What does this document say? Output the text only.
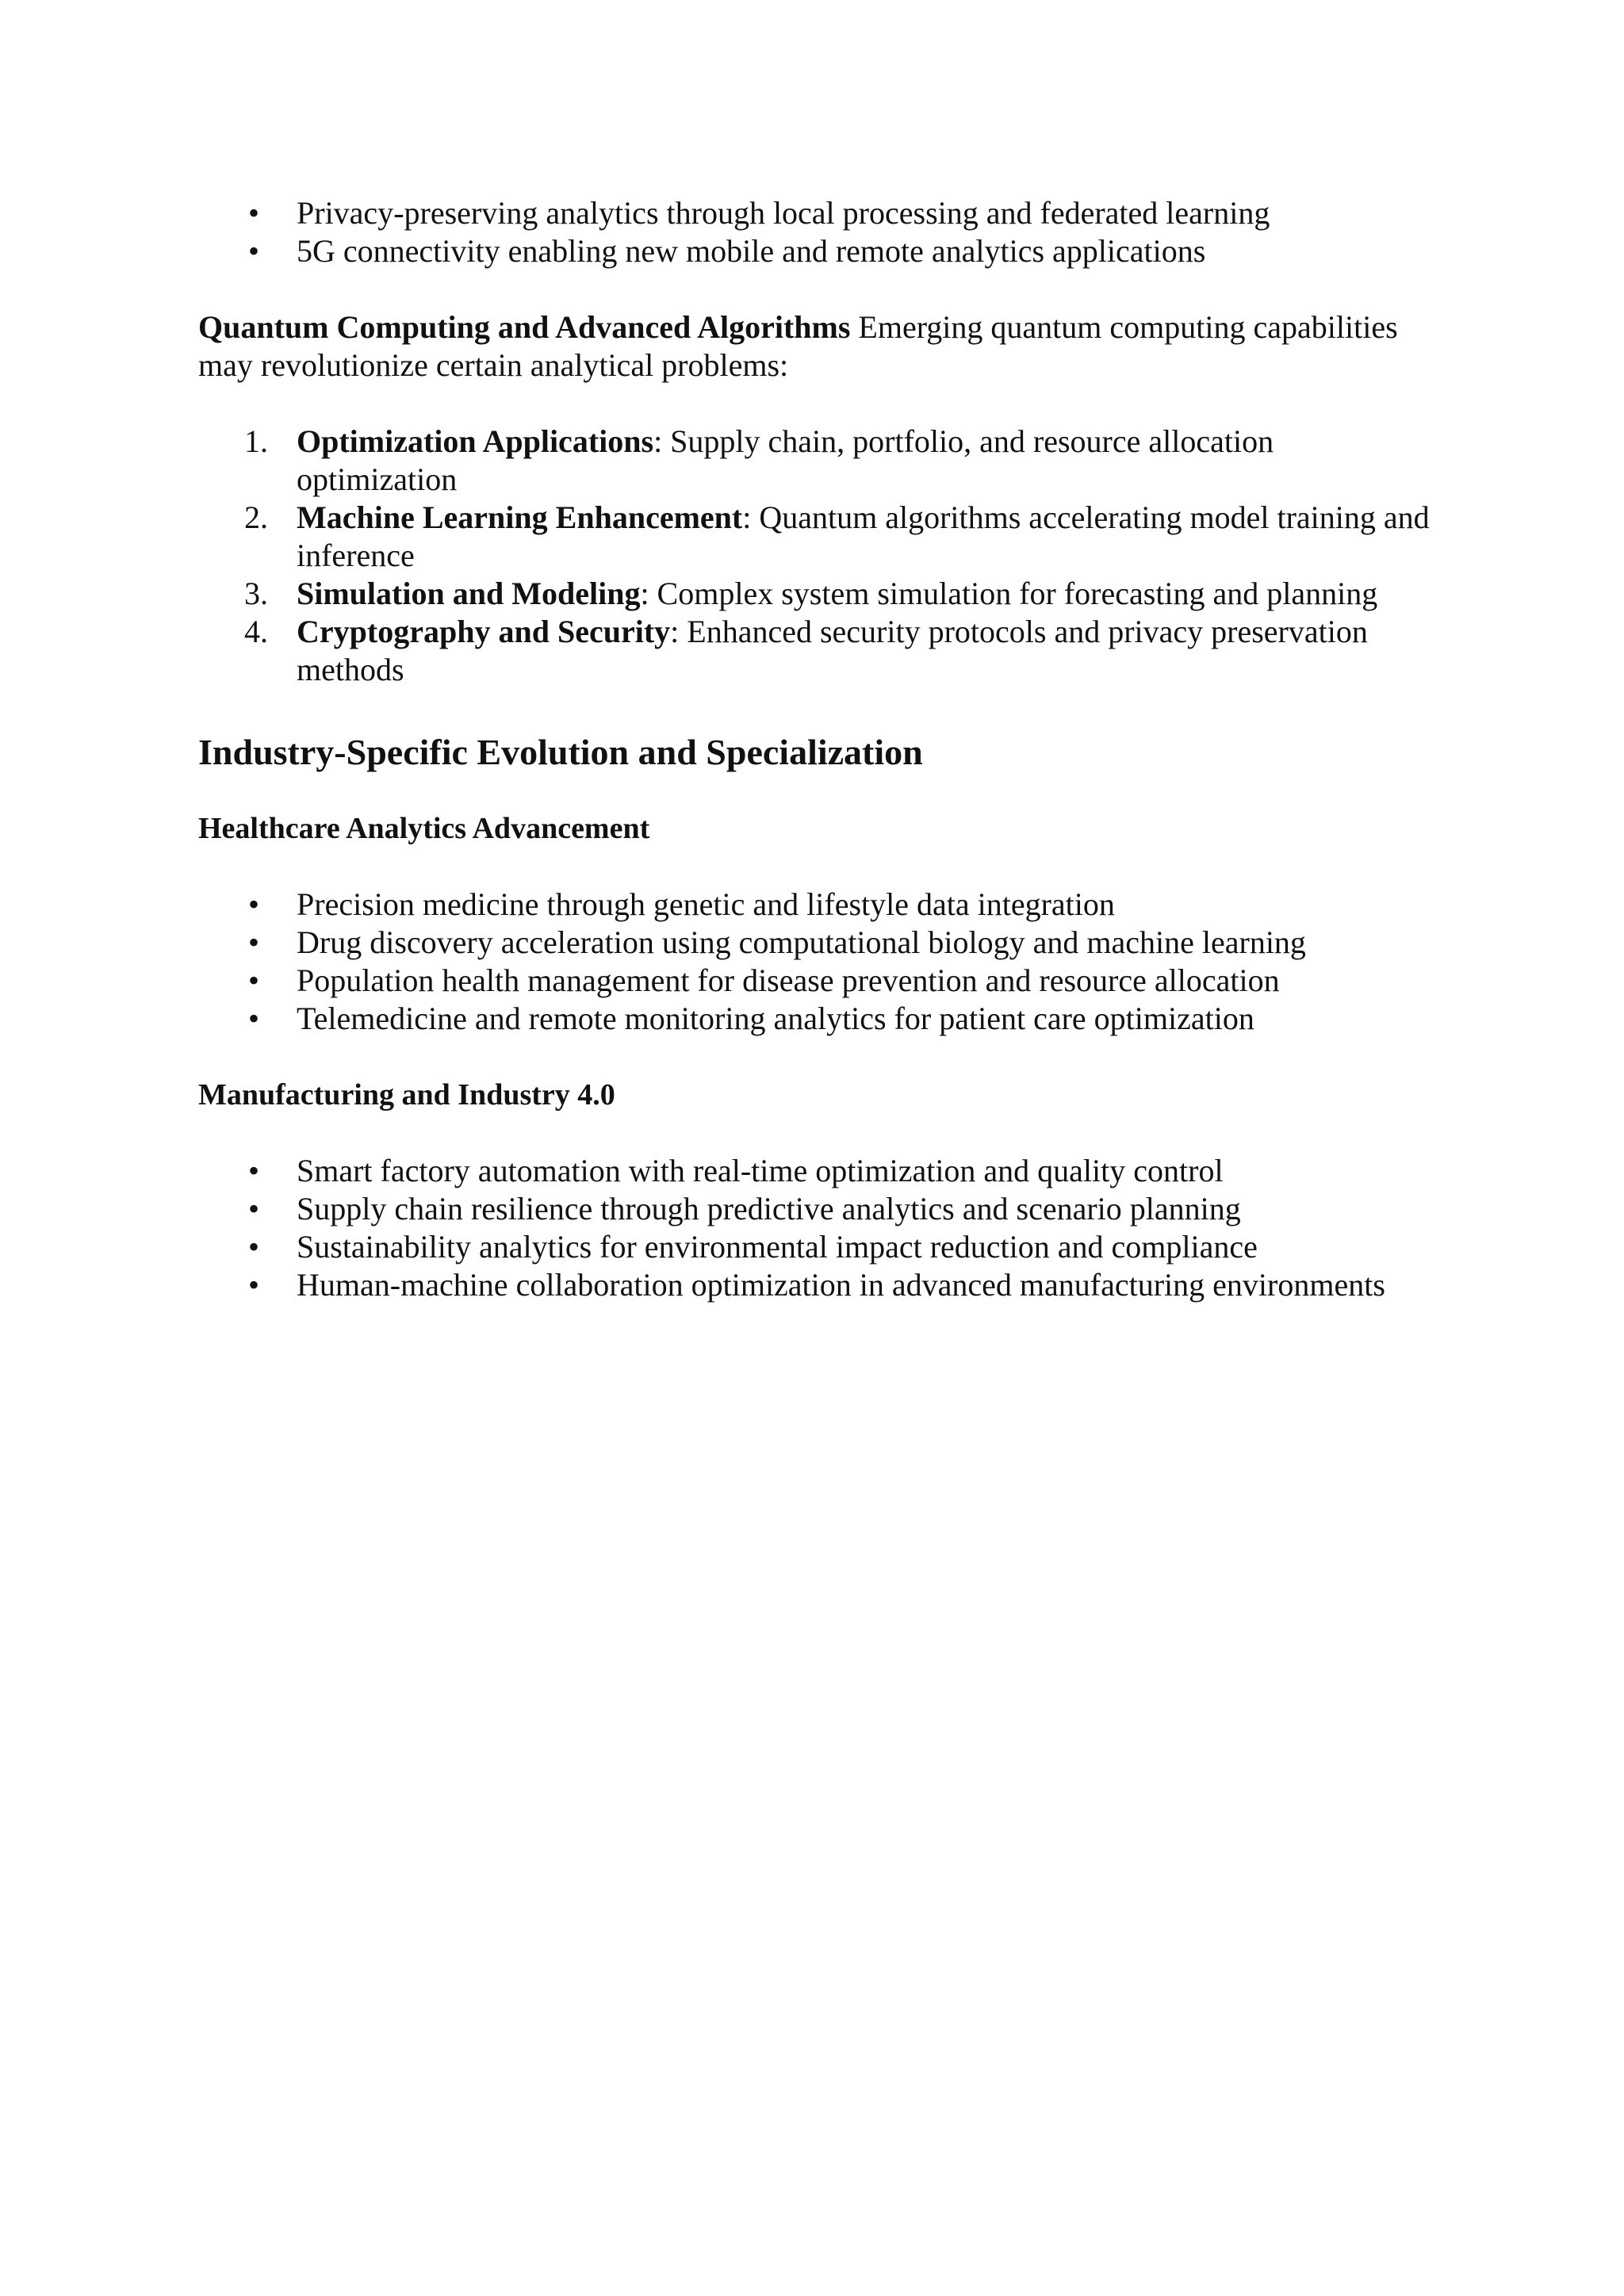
• Privacy-preserving analytics through local processing and federated learning
• 5G connectivity enabling new mobile and remote analytics applications

Quantum Computing and Advanced Algorithms Emerging quantum computing capabilities may revolutionize certain analytical problems:

1. Optimization Applications: Supply chain, portfolio, and resource allocation optimization
2. Machine Learning Enhancement: Quantum algorithms accelerating model training and inference
3. Simulation and Modeling: Complex system simulation for forecasting and planning
4. Cryptography and Security: Enhanced security protocols and privacy preservation methods
Industry-Specific Evolution and Specialization
Healthcare Analytics Advancement
• Precision medicine through genetic and lifestyle data integration
• Drug discovery acceleration using computational biology and machine learning
• Population health management for disease prevention and resource allocation
• Telemedicine and remote monitoring analytics for patient care optimization
Manufacturing and Industry 4.0
• Smart factory automation with real-time optimization and quality control
• Supply chain resilience through predictive analytics and scenario planning
• Sustainability analytics for environmental impact reduction and compliance
• Human-machine collaboration optimization in advanced manufacturing environments
